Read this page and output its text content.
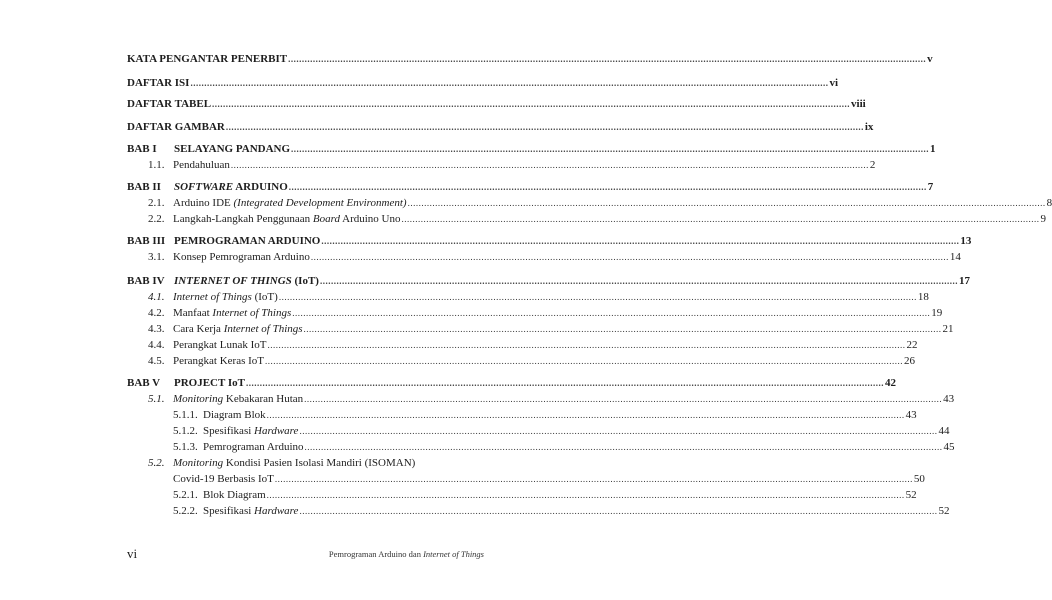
KATA PENGANTAR PENERBIT .....	v
DAFTAR ISI .....	vi
DAFTAR TABEL .....	viii
DAFTAR GAMBAR .....	ix
BAB I	SELAYANG PANDANG .....	1
1.1. Pendahuluan .....	2
BAB II	SOFTWARE ARDUINO .....	7
2.1. Arduino IDE (Integrated Development Environment) .....	8
2.2. Langkah-Langkah Penggunaan Board Arduino Uno .....	9
BAB III PEMROGRAMAN ARDUINO .....	13
3.1. Konsep Pemrograman Arduino .....	14
BAB IV INTERNET OF THINGS (IoT) .....	17
4.1. Internet of Things (IoT) .....	18
4.2. Manfaat Internet of Things .....	19
4.3. Cara Kerja Internet of Things .....	21
4.4. Perangkat Lunak IoT .....	22
4.5. Perangkat Keras IoT .....	26
BAB V	PROJECT IoT .....	42
5.1. Monitoring Kebakaran Hutan .....	43
5.1.1. Diagram Blok .....	43
5.1.2. Spesifikasi Hardware .....	44
5.1.3. Pemrograman Arduino .....	45
5.2. Monitoring Kondisi Pasien Isolasi Mandiri (ISOMAN)
Covid-19 Berbasis IoT .....	50
5.2.1. Blok Diagram .....	52
5.2.2. Spesifikasi Hardware .....	52
vi	Pemrograman Arduino dan Internet of Things
